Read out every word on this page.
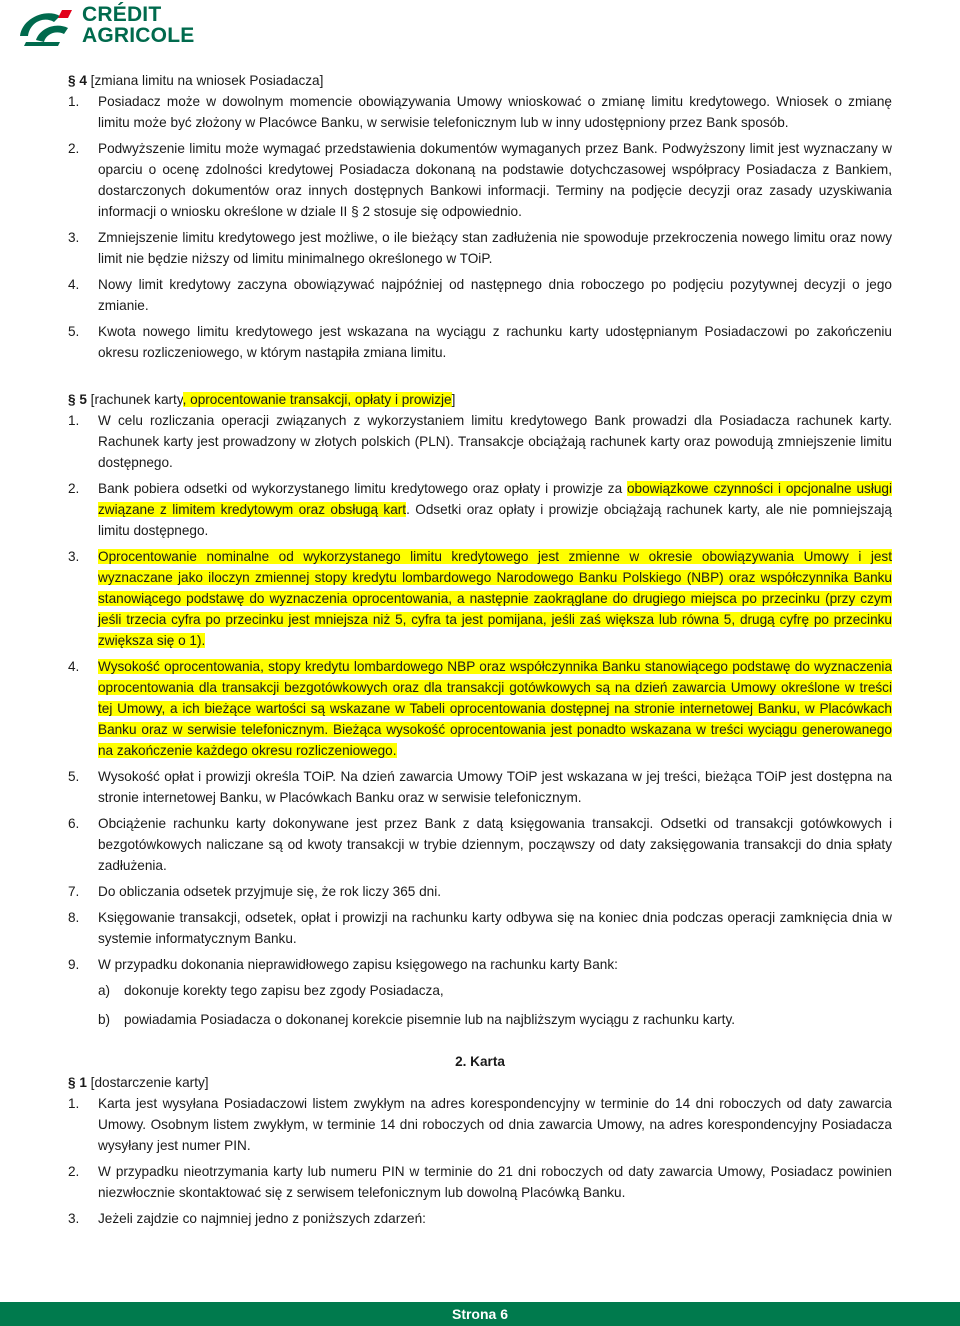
CRÉDIT
AGRICOLE

§ 4 [zmiana limitu na wniosek Posiadacza]

1.	Posiadacz może w dowolnym momencie obowiązywania Umowy wnioskować o zmianę limitu kredytowego. Wniosek o zmianę limitu może być złożony w Placówce Banku, w serwisie telefonicznym lub w inny udostępniony przez Bank sposób.
2.	Podwyższenie limitu może wymagać przedstawienia dokumentów wymaganych przez Bank. Podwyższony limit jest wyznaczany w oparciu o ocenę zdolności kredytowej Posiadacza dokonaną na podstawie dotychczasowej współpracy Posiadacza z Bankiem, dostarczonych dokumentów oraz innych dostępnych Bankowi informacji. Terminy na podjęcie decyzji oraz zasady uzyskiwania informacji o wniosku określone w dziale II § 2 stosuje się odpowiednio.
3.	Zmniejszenie limitu kredytowego jest możliwe, o ile bieżący stan zadłużenia nie spowoduje przekroczenia nowego limitu oraz nowy limit nie będzie niższy od limitu minimalnego określonego w TOiP.
4.	Nowy limit kredytowy zaczyna obowiązywać najpóźniej od następnego dnia roboczego po podjęciu pozytywnej decyzji o jego zmianie.
5.	Kwota nowego limitu kredytowego jest wskazana na wyciągu z rachunku karty udostępnianym Posiadaczowi po zakończeniu okresu rozliczeniowego, w którym nastąpiła zmiana limitu.

§ 5 [rachunek karty, oprocentowanie transakcji, opłaty i prowizje]

1.	W celu rozliczania operacji związanych z wykorzystaniem limitu kredytowego Bank prowadzi dla Posiadacza rachunek karty. Rachunek karty jest prowadzony w złotych polskich (PLN). Transakcje obciążają rachunek karty oraz powodują zmniejszenie limitu dostępnego.
2.	Bank pobiera odsetki od wykorzystanego limitu kredytowego oraz opłaty i prowizje za obowiązkowe czynności i opcjonalne usługi związane z limitem kredytowym oraz obsługą kart. Odsetki oraz opłaty i prowizje obciążają rachunek karty, ale nie pomniejszają limitu dostępnego.
3.	Oprocentowanie nominalne od wykorzystanego limitu kredytowego jest zmienne w okresie obowiązywania Umowy i jest wyznaczane jako iloczyn zmiennej stopy kredytu lombardowego Narodowego Banku Polskiego (NBP) oraz współczynnika Banku stanowiącego podstawę do wyznaczenia oprocentowania, a następnie zaokrąglane do drugiego miejsca po przecinku (przy czym jeśli trzecia cyfra po przecinku jest mniejsza niż 5, cyfra ta jest pomijana, jeśli zaś większa lub równa 5, drugą cyfrę po przecinku zwiększa się o 1).
4.	Wysokość oprocentowania, stopy kredytu lombardowego NBP oraz współczynnika Banku stanowiącego podstawę do wyznaczenia oprocentowania dla transakcji bezgotówkowych oraz dla transakcji gotówkowych są na dzień zawarcia Umowy określone w treści tej Umowy, a ich bieżące wartości są wskazane w Tabeli oprocentowania dostępnej na stronie internetowej Banku, w Placówkach Banku oraz w serwisie telefonicznym. Bieżąca wysokość oprocentowania jest ponadto wskazana w treści wyciągu generowanego na zakończenie każdego okresu rozliczeniowego.
5.	Wysokość opłat i prowizji określa TOiP. Na dzień zawarcia Umowy TOiP jest wskazana w jej treści, bieżąca TOiP jest dostępna na stronie internetowej Banku, w Placówkach Banku oraz w serwisie telefonicznym.
6.	Obciążenie rachunku karty dokonywane jest przez Bank z datą księgowania transakcji. Odsetki od transakcji gotówkowych i bezgotówkowych naliczane są od kwoty transakcji w trybie dziennym, począwszy od daty zaksięgowania transakcji do dnia spłaty zadłużenia.
7.	Do obliczania odsetek przyjmuje się, że rok liczy 365 dni.
8.	Księgowanie transakcji, odsetek, opłat i prowizji na rachunku karty odbywa się na koniec dnia podczas operacji zamknięcia dnia w systemie informatycznym Banku.
9.	W przypadku dokonania nieprawidłowego zapisu księgowego na rachunku karty Bank:
a)	dokonuje korekty tego zapisu bez zgody Posiadacza,
b)	powiadamia Posiadacza o dokonanej korekcie pisemnie lub na najbliższym wyciągu z rachunku karty.

2. Karta

§ 1 [dostarczenie karty]

1.	Karta jest wysyłana Posiadaczowi listem zwykłym na adres korespondencyjny w terminie do 14 dni roboczych od daty zawarcia Umowy. Osobnym listem zwykłym, w terminie 14 dni roboczych od dnia zawarcia Umowy, na adres korespondencyjny Posiadacza wysyłany jest numer PIN.
2.	W przypadku nieotrzymania karty lub numeru PIN w terminie do 21 dni roboczych od daty zawarcia Umowy, Posiadacz powinien niezwłocznie skontaktować się z serwisem telefonicznym lub dowolną Placówką Banku.
3.	Jeżeli zajdzie co najmniej jedno z poniższych zdarzeń:
Strona 6
